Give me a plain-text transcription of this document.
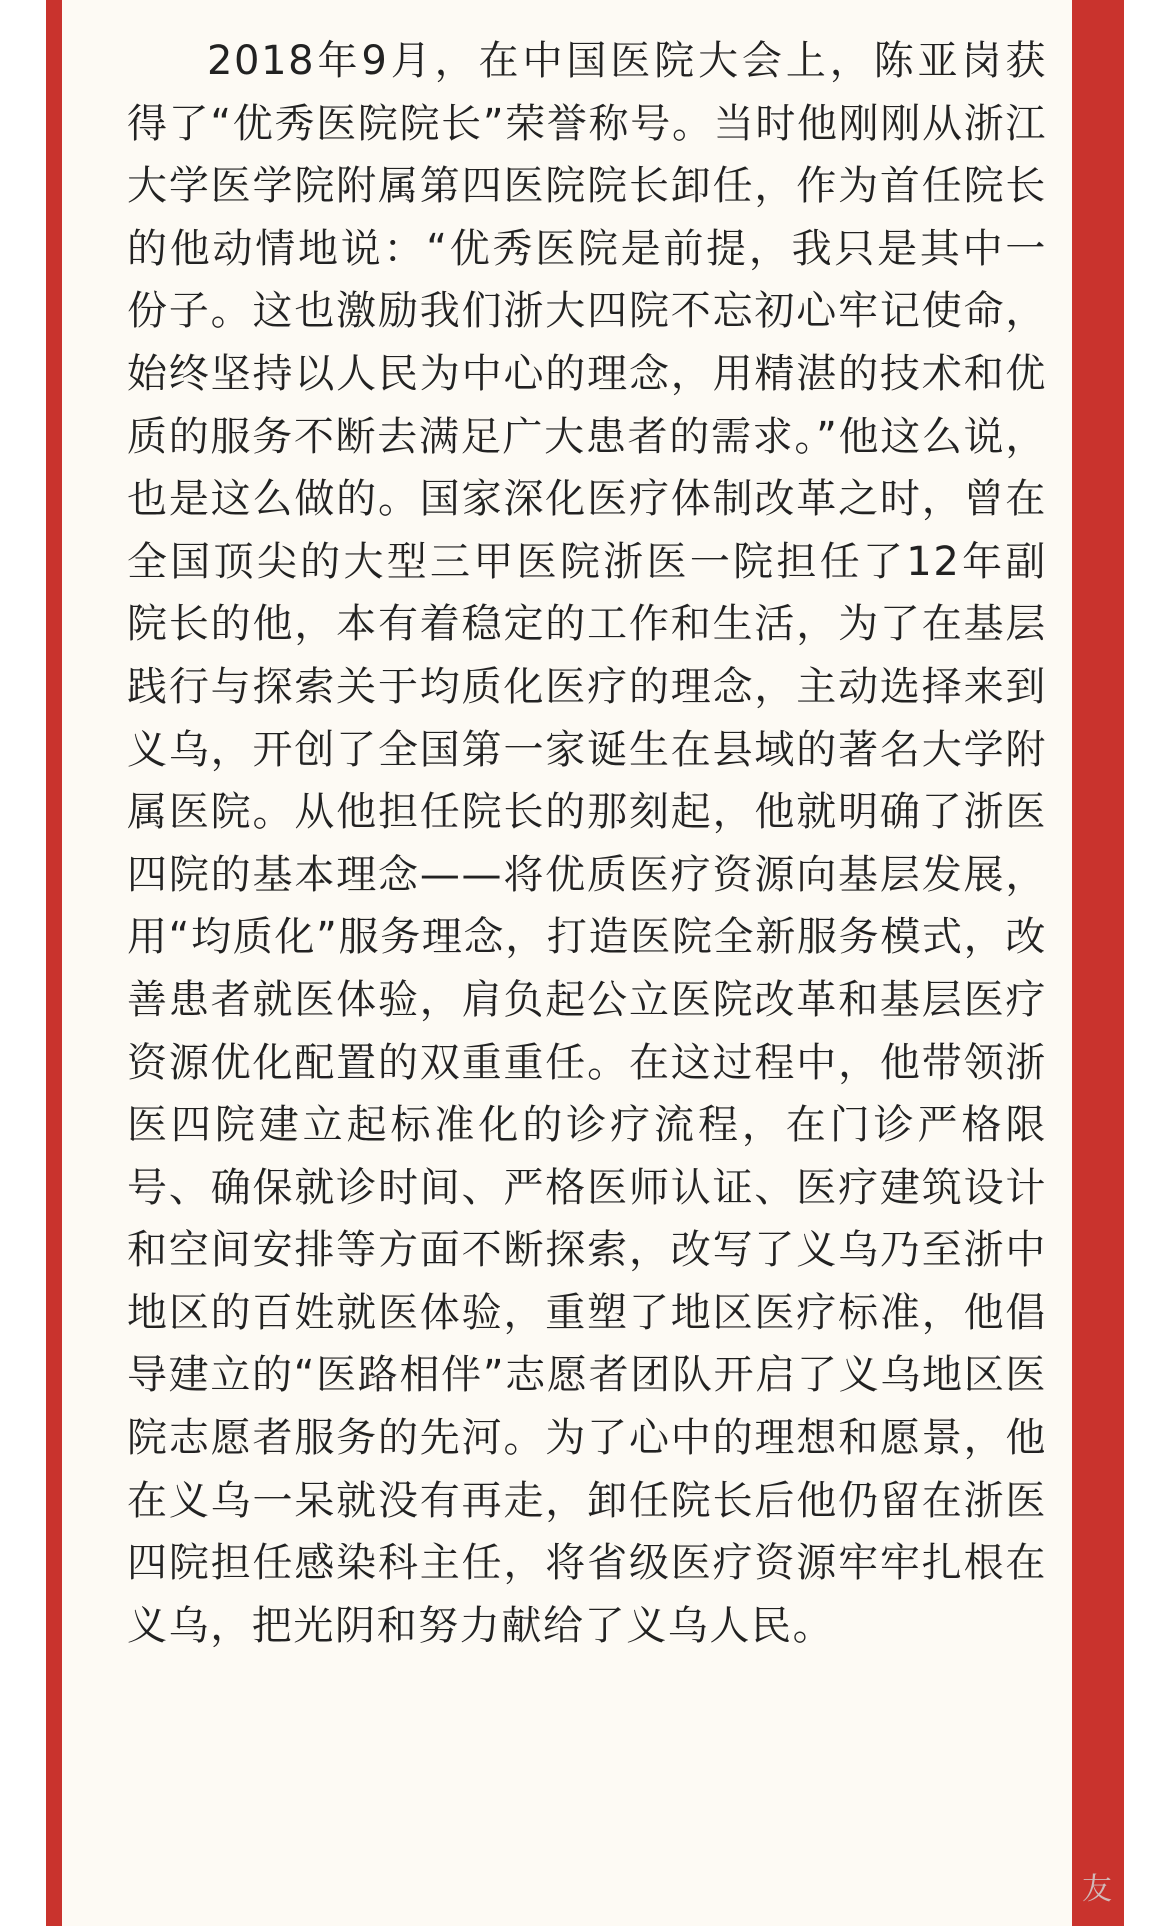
2018年9月，在中国医院大会上，陈亚岗获得了“优秀医院院长”荣誉称号。当时他刚刚从浙江大学医学院附属第四医院院长卸任，作为首任院长的他动情地说：“优秀医院是前提，我只是其中一份子。这也激励我们浙大四院不忘初心牢记使命，始终坚持以人民为中心的理念，用精湛的技术和优质的服务不断去满足广大患者的需求。”他这么说，也是这么做的。国家深化医疗体制改革之时，曾在全国顶尖的大型三甲医院浙医一院担任了12年副院长的他，本有着稳定的工作和生活，为了在基层践行与探索关于均质化医疗的理念，主动选择来到义乌，开创了全国第一家诞生在县域的著名大学附属医院。从他担任院长的那刻起，他就明确了浙医四院的基本理念——将优质医疗资源向基层发展，用“均质化”服务理念，打造医院全新服务模式，改善患者就医体验，肩负起公立医院改革和基层医疗资源优化配置的双重重任。在这过程中，他带领浙医四院建立起标准化的诊疗流程，在门诊严格限号、确保就诊时间、严格医师认证、医疗建筑设计和空间安排等方面不断探索，改写了义乌乃至浙中地区的百姓就医体验，重塑了地区医疗标准，他倡导建立的“医路相伴”志愿者团队开启了义乌地区医院志愿者服务的先河。为了心中的理想和愿景，他在义乌一呆就没有再走，卸任院长后他仍留在浙医四院担任感染科主任，将省级医疗资源牢牢扎根在义乌，把光阴和努力献给了义乌人民。

友
